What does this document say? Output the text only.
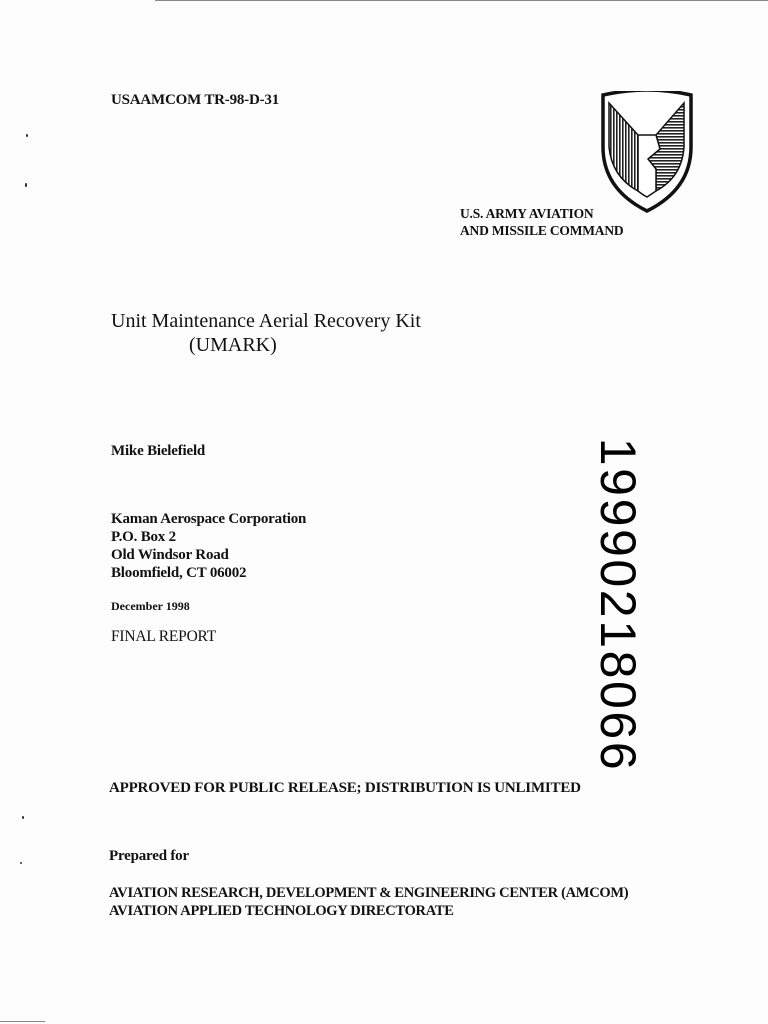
USAAMCOM TR-98-D-31
U.S. ARMY AVIATION
AND MISSILE COMMAND
Unit Maintenance Aerial Recovery Kit
(UMARK)
Mike Bielefield
Kaman Aerospace Corporation
P.O. Box 2
Old Windsor Road
Bloomfield, CT 06002
December 1998
FINAL REPORT	19990218066
APPROVED FOR PUBLIC RELEASE; DISTRIBUTION IS UNLIMITED
Prepared for
AVIATION RESEARCH, DEVELOPMENT & ENGINEERING CENTER (AMCOM)
AVIATION APPLIED TECHNOLOGY DIRECTORATE
